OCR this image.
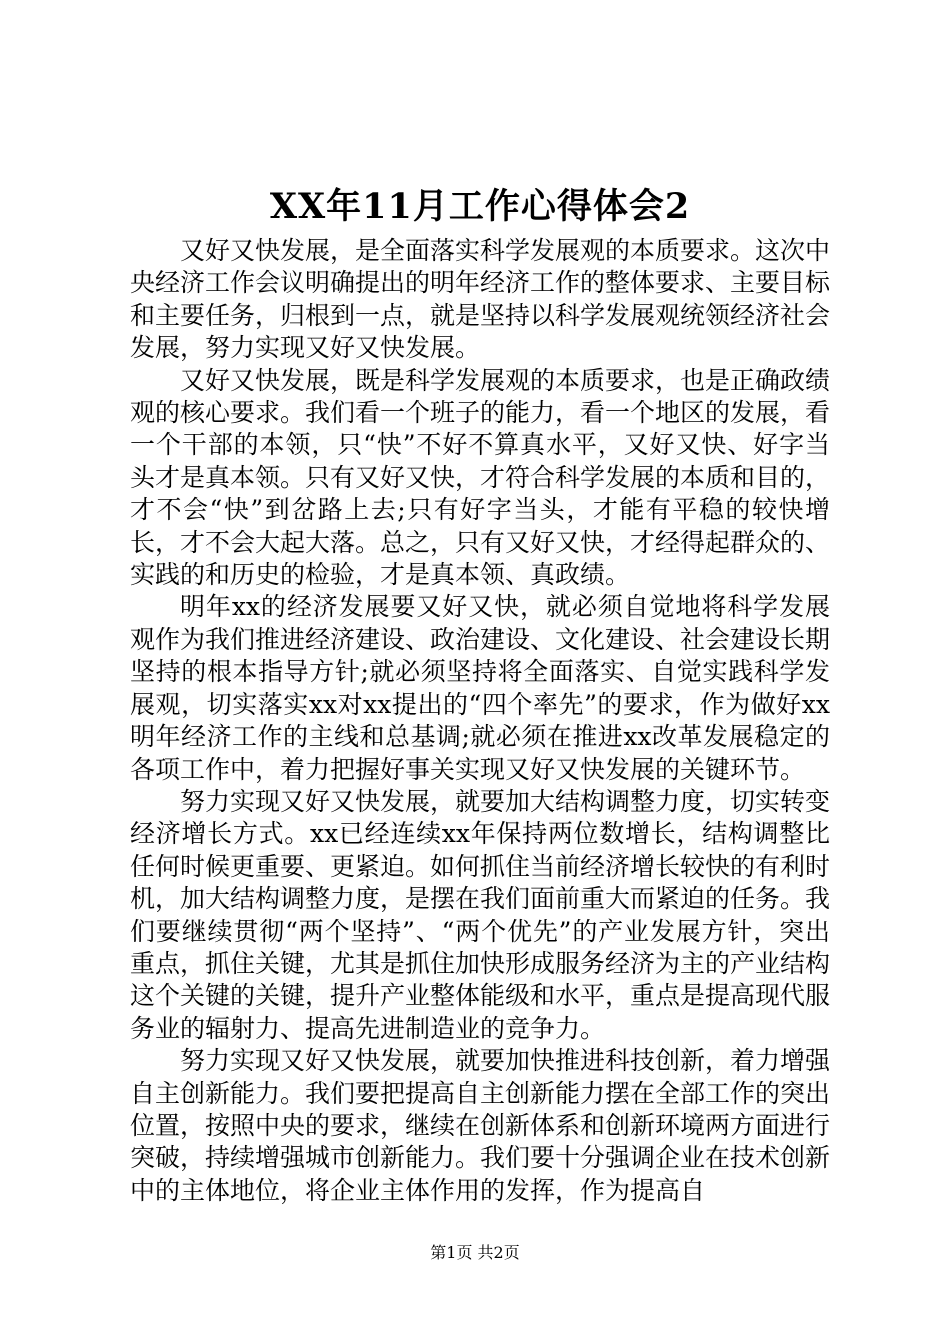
XX年11月工作心得体会2

又好又快发展，是全面落实科学发展观的本质要求。这次中央经济工作会议明确提出的明年经济工作的整体要求、主要目标和主要任务，归根到一点，就是坚持以科学发展观统领经济社会发展，努力实现又好又快发展。

又好又快发展，既是科学发展观的本质要求，也是正确政绩观的核心要求。我们看一个班子的能力，看一个地区的发展，看一个干部的本领，只“快”不好不算真水平，又好又快、好字当头才是真本领。只有又好又快，才符合科学发展的本质和目的，才不会“快”到岔路上去;只有好字当头，才能有平稳的较快增长，才不会大起大落。总之，只有又好又快，才经得起群众的、实践的和历史的检验，才是真本领、真政绩。

明年xx的经济发展要又好又快，就必须自觉地将科学发展观作为我们推进经济建设、政治建设、文化建设、社会建设长期坚持的根本指导方针;就必须坚持将全面落实、自觉实践科学发展观，切实落实xx对xx提出的“四个率先”的要求，作为做好xx明年经济工作的主线和总基调;就必须在推进xx改革发展稳定的各项工作中，着力把握好事关实现又好又快发展的关键环节。

努力实现又好又快发展，就要加大结构调整力度，切实转变经济增长方式。xx已经连续xx年保持两位数增长，结构调整比任何时候更重要、更紧迫。如何抓住当前经济增长较快的有利时机，加大结构调整力度，是摆在我们面前重大而紧迫的任务。我们要继续贯彻“两个坚持”、“两个优先”的产业发展方针，突出重点，抓住关键，尤其是抓住加快形成服务经济为主的产业结构这个关键的关键，提升产业整体能级和水平，重点是提高现代服务业的辐射力、提高先进制造业的竞争力。

努力实现又好又快发展，就要加快推进科技创新，着力增强自主创新能力。我们要把提高自主创新能力摆在全部工作的突出位置，按照中央的要求，继续在创新体系和创新环境两方面进行突破，持续增强城市创新能力。我们要十分强调企业在技术创新中的主体地位，将企业主体作用的发挥，作为提高自

第1页 共2页
